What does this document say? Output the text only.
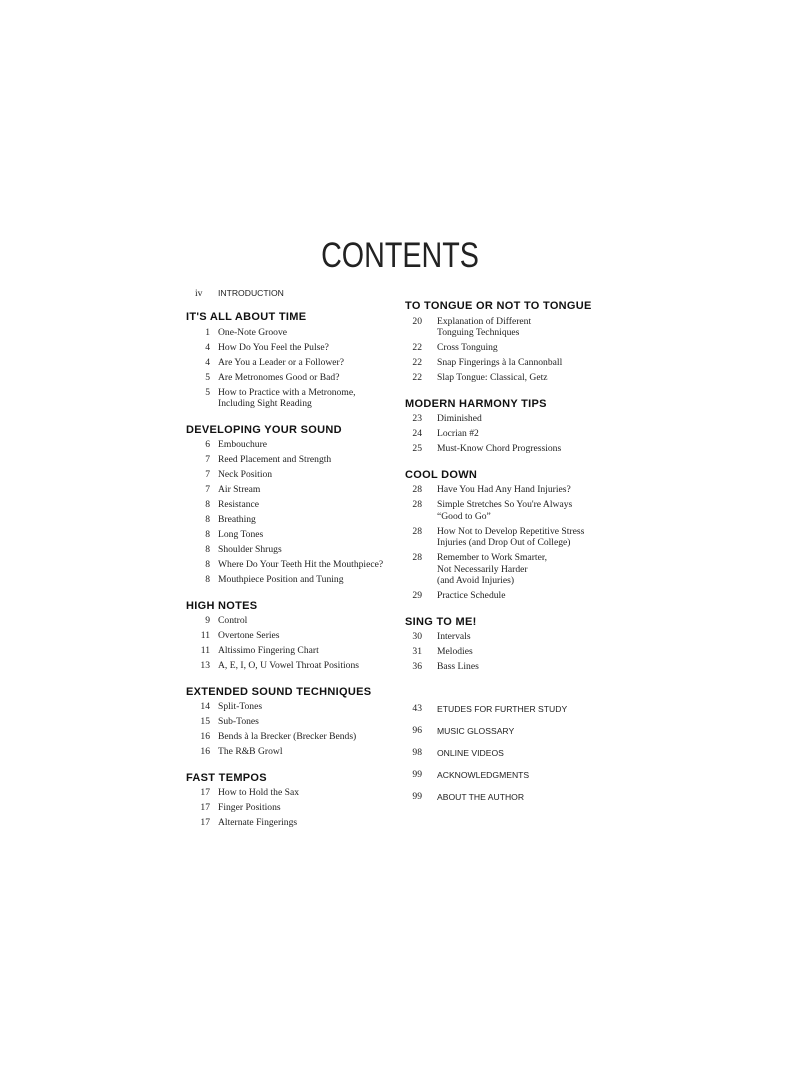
CONTENTS
iv	INTRODUCTION
IT'S ALL ABOUT TIME
1 One-Note Groove
4 How Do You Feel the Pulse?
4 Are You a Leader or a Follower?
5 Are Metronomes Good or Bad?
5 How to Practice with a Metronome,
Including Sight Reading
DEVELOPING YOUR SOUND
6 Embouchure
7 Reed Placement and Strength
7 Neck Position
7 Air Stream
8 Resistance
8 Breathing
8 Long Tones
8 Shoulder Shrugs
8 Where Do Your Teeth Hit the Mouthpiece?
8 Mouthpiece Position and Tuning
HIGH NOTES
9 Control
11 Overtone Series
11 Altissimo Fingering Chart
13 A, E, I, O, U Vowel Throat Positions
EXTENDED SOUND TECHNIQUES
14 Split-Tones
15 Sub-Tones
16 Bends à la Brecker (Brecker Bends)
16 The R&B Growl
FAST TEMPOS
17 How to Hold the Sax
17 Finger Positions
17 Alternate Fingerings
TO TONGUE OR NOT TO TONGUE
20 Explanation of Different
Tonguing Techniques
22 Cross Tonguing
22 Snap Fingerings à la Cannonball
22 Slap Tongue: Classical, Getz
MODERN HARMONY TIPS
23 Diminished
24 Locrian #2
25 Must-Know Chord Progressions
COOL DOWN
28 Have You Had Any Hand Injuries?
28 Simple Stretches So You're Always
“Good to Go”
28 How Not to Develop Repetitive Stress
Injuries (and Drop Out of College)
28 Remember to Work Smarter,
Not Necessarily Harder
(and Avoid Injuries)
29 Practice Schedule
SING TO ME!
30 Intervals
31 Melodies
36 Bass Lines
43 ETUDES FOR FURTHER STUDY
96 MUSIC GLOSSARY
98 ONLINE VIDEOS
99 ACKNOWLEDGMENTS
99 ABOUT THE AUTHOR
